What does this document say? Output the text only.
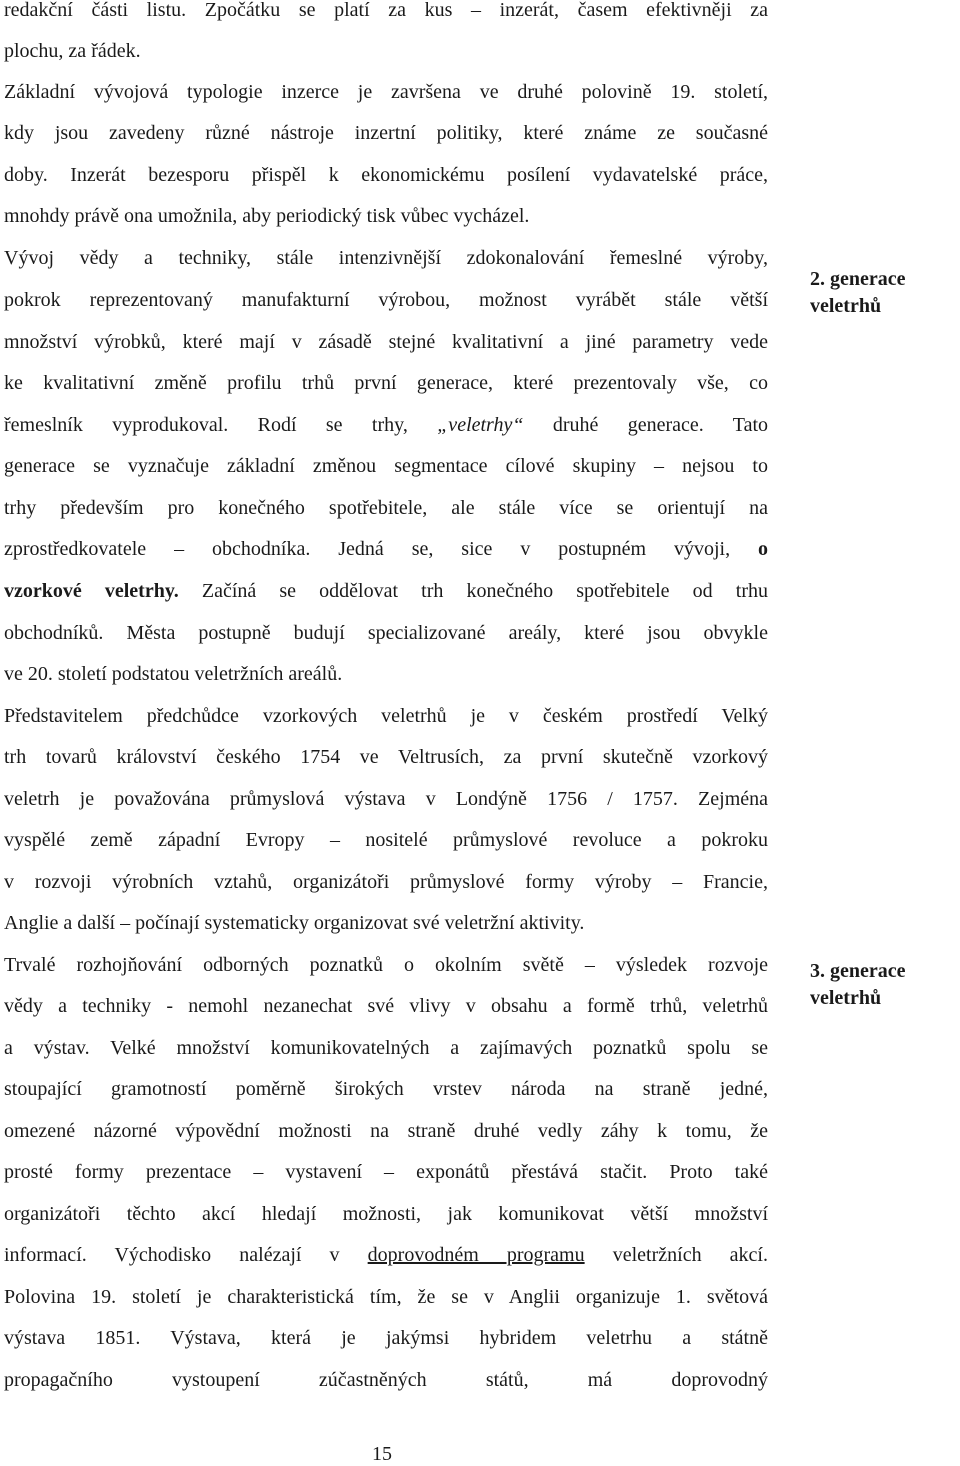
redakční části listu. Zpočátku se platí za kus – inzerát, časem efektivněji za
plochu, za řádek.
Základní vývojová typologie inzerce je završena ve druhé polovině 19. století,
kdy jsou zavedeny různé nástroje inzertní politiky, které známe ze současné
doby. Inzerát bezesporu přispěl k ekonomickému posílení vydavatelské práce,
mnohdy právě ona umožnila, aby periodický tisk vůbec vycházel.
Vývoj vědy a techniky, stále intenzivnější zdokonalování řemeslné výroby,
pokrok reprezentovaný manufakturní výrobou, možnost vyrábět stále větší
množství výrobků, které mají v zásadě stejné kvalitativní a jiné parametry vede
ke kvalitativní změně profilu trhů první generace, které prezentovaly vše, co
řemeslník vyprodukoval. Rodí se trhy, „veletrhy“ druhé generace. Tato
generace se vyznačuje základní změnou segmentace cílové skupiny – nejsou to
trhy především pro konečného spotřebitele, ale stále více se orientují na
zprostředkovatele – obchodníka. Jedná se, sice v postupném vývoji, o
vzorkové veletrhy. Začíná se oddělovat trh konečného spotřebitele od trhu
obchodníků. Města postupně budují specializované areály, které jsou obvykle
ve 20. století podstatou veletržních areálů.
Představitelem předchůdce vzorkových veletrhů je v českém prostředí Velký
trh tovarů království českého 1754 ve Veltrusích, za první skutečně vzorkový
veletrh je považována průmyslová výstava v Londýně 1756 / 1757. Zejména
vyspělé země západní Evropy – nositelé průmyslové revoluce a pokroku
v rozvoji výrobních vztahů, organizátoři průmyslové formy výroby – Francie,
Anglie a další – počínají systematicky organizovat své veletržní aktivity.
Trvalé rozhojňování odborných poznatků o okolním světě – výsledek rozvoje
vědy a techniky - nemohl nezanechat své vlivy v obsahu a formě trhů, veletrhů
a výstav. Velké množství komunikovatelných a zajímavých poznatků spolu se
stoupající gramotností poměrně širokých vrstev národa na straně jedné,
omezené názorné výpovědní možnosti na straně druhé vedly záhy k tomu, že
prosté formy prezentace – vystavení – exponátů přestává stačit. Proto také
organizátoři těchto akcí hledají možnosti, jak komunikovat větší množství
informací. Východisko nalézají v doprovodném programu veletržních akcí.
Polovina 19. století je charakteristická tím, že se v Anglii organizuje 1. světová
výstava 1851. Výstava, která je jakýmsi hybridem veletrhu a státně
propagačního vystoupení zúčastněných států, má doprovodný
2. generace
veletrhů
3. generace
veletrhů
15
